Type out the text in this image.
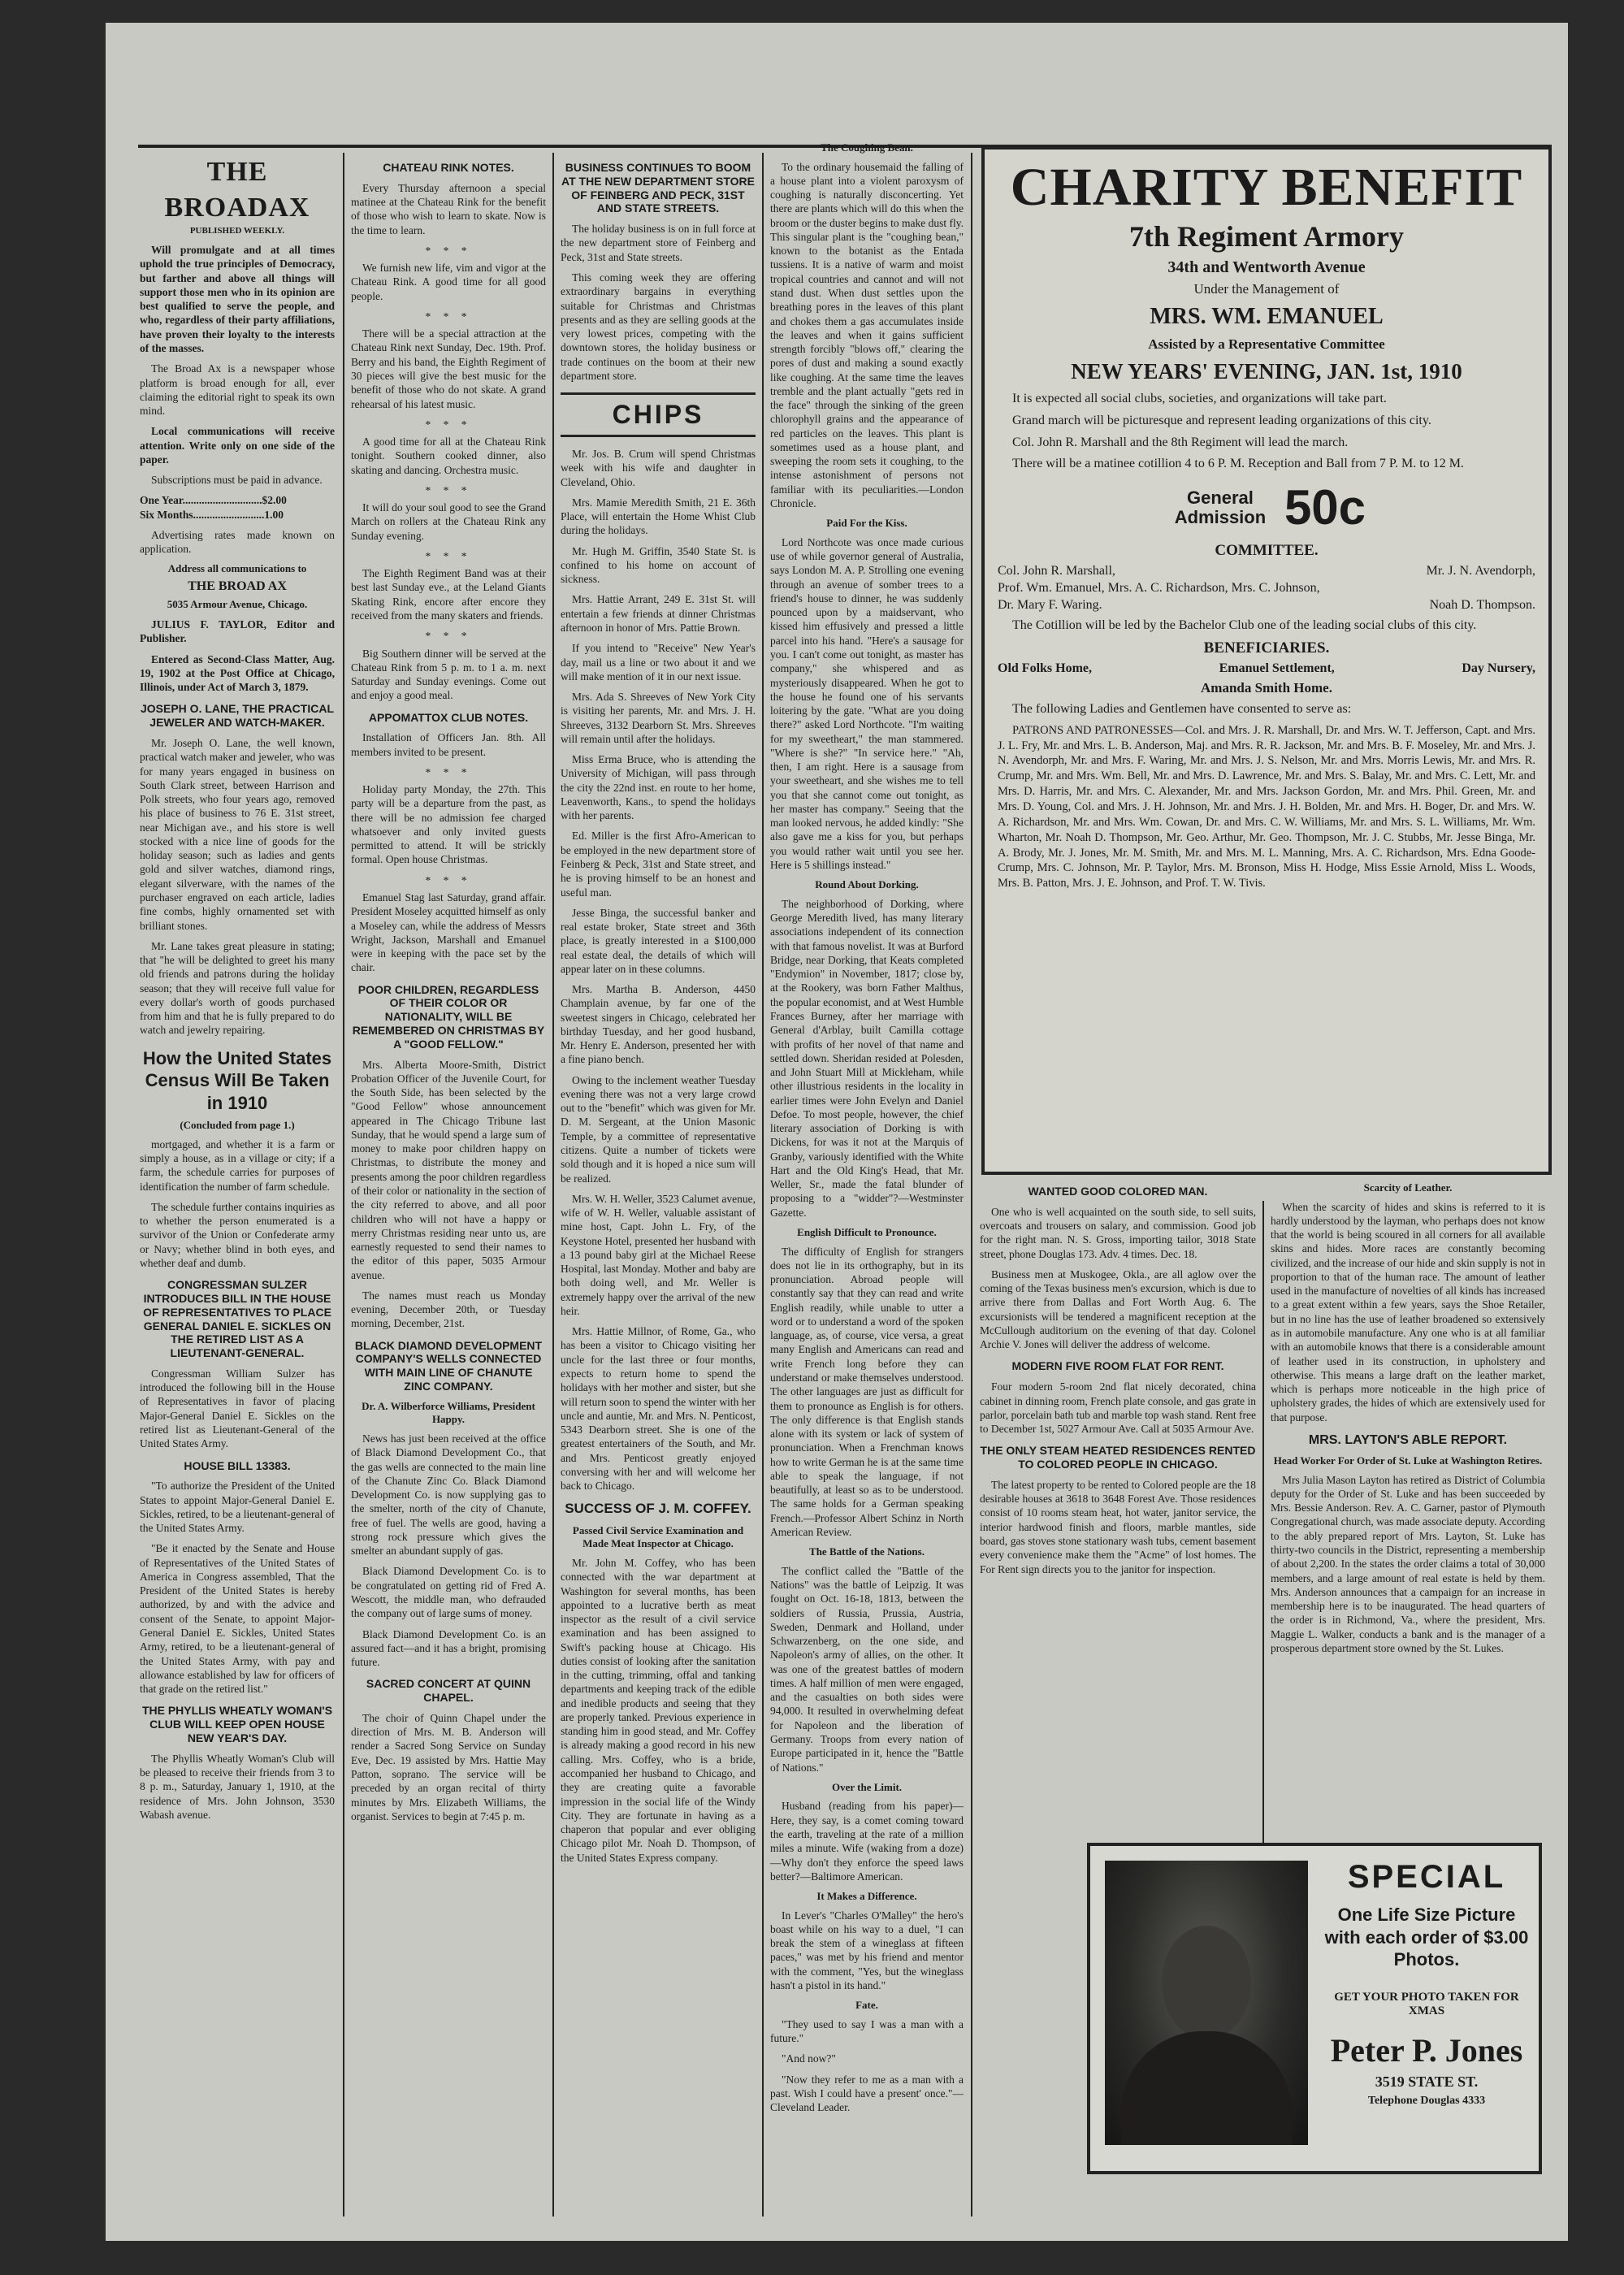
THE BROADAX
PUBLISHED WEEKLY.

Will promulgate and at all times uphold the true principles of Democracy, but farther and above all things will support those men who in its opinion are best qualified to serve the people, and who, regardless of their party affiliations, have proven their loyalty to the interests of the masses.

The Broad Ax is a newspaper whose platform is broad enough for all, ever claiming the editorial right to speak its own mind.

Local communications will receive attention. Write only on one side of the paper.

Subscriptions must be paid in advance.

One Year.............................$2.00
Six Months..........................1.00

Advertising rates made known on application.

Address all communications to
THE BROAD AX
5035 Armour Avenue, Chicago.

JULIUS F. TAYLOR, Editor and Publisher.

Entered as Second-Class Matter, Aug. 19, 1902 at the Post Office at Chicago, Illinois, under Act of March 3, 1879.

JOSEPH O. LANE, THE PRACTICAL JEWELER AND WATCH-MAKER.

Mr. Joseph O. Lane, the well known, practical watch maker and jeweler, who was for many years engaged in business on South Clark street, between Harrison and Polk streets, who four years ago, removed his place of business to 76 E. 31st street, near Michigan ave., and his store is well stocked with a nice line of goods for the holiday season; such as ladies and gents gold and silver watches, diamond rings, elegant silverware, with the names of the purchaser engraved on each article, ladies fine combs, highly ornamented set with brilliant stones.

Mr. Lane takes great pleasure in stating; that "he will be delighted to greet his many old friends and patrons during the holiday season; that they will receive full value for every dollar's worth of goods purchased from him and that he is fully prepared to do watch and jewelry repairing.

How the United States Census Will Be Taken in 1910
(Concluded from page 1.)

mortgaged, and whether it is a farm or simply a house, as in a village or city; if a farm, the schedule carries for purposes of identification the number of farm schedule.

The schedule further contains inquiries as to whether the person enumerated is a survivor of the Union or Confederate army or Navy; whether blind in both eyes, and whether deaf and dumb.

CONGRESSMAN SULZER INTRODUCES BILL IN THE HOUSE OF REPRESENTATIVES TO PLACE GENERAL DANIEL E. SICKLES ON THE RETIRED LIST AS A LIEUTENANT-GENERAL.

Congressman William Sulzer has introduced the following bill in the House of Representatives in favor of placing Major-General Daniel E. Sickles on the retired list as Lieutenant-General of the United States Army.

HOUSE BILL 13383.

"To authorize the President of the United States to appoint Major-General Daniel E. Sickles, retired, to be a lieutenant-general of the United States Army.

"Be it enacted by the Senate and House of Representatives of the United States of America in Congress assembled, That the President of the United States is hereby authorized, by and with the advice and consent of the Senate, to appoint Major-General Daniel E. Sickles, United States Army, retired, to be a lieutenant-general of the United States Army, with pay and allowance established by law for officers of that grade on the retired list."

THE PHYLLIS WHEATLY WOMAN'S CLUB WILL KEEP OPEN HOUSE NEW YEAR'S DAY.

The Phyllis Wheatly Woman's Club will be pleased to receive their friends from 3 to 8 p. m., Saturday, January 1, 1910, at the residence of Mrs. John Johnson, 3530 Wabash avenue.

CHATEAU RINK NOTES.

Every Thursday afternoon a special matinee at the Chateau Rink for the benefit of those who wish to learn to skate. Now is the time to learn.

* * *

We furnish new life, vim and vigor at the Chateau Rink. A good time for all good people.

* * *

There will be a special attraction at the Chateau Rink next Sunday, Dec. 19th. Prof. Berry and his band, the Eighth Regiment of 30 pieces will give the best music for the benefit of those who do not skate. A grand rehearsal of his latest music.

* * *

A good time for all at the Chateau Rink tonight. Southern cooked dinner, also skating and dancing. Orchestra music.

* * *

It will do your soul good to see the Grand March on rollers at the Chateau Rink any Sunday evening.

* * *

The Eighth Regiment Band was at their best last Sunday eve., at the Leland Giants Skating Rink, encore after encore they received from the many skaters and friends.

* * *

Big Southern dinner will be served at the Chateau Rink from 5 p. m. to 1 a. m. next Saturday and Sunday evenings. Come out and enjoy a good meal.

APPOMATTOX CLUB NOTES.

Installation of Officers Jan. 8th. All members invited to be present.

* * *

Holiday party Monday, the 27th. This party will be a departure from the past, as there will be no admission fee charged whatsoever and only invited guests permitted to attend. It will be strickly formal. Open house Christmas.

* * *

Emanuel Stag last Saturday, grand affair. President Moseley acquitted himself as only a Moseley can, while the address of Messrs Wright, Jackson, Marshall and Emanuel were in keeping with the pace set by the chair.

POOR CHILDREN, REGARDLESS OF THEIR COLOR OR NATIONALITY, WILL BE REMEMBERED ON CHRISTMAS BY A "GOOD FELLOW."

Mrs. Alberta Moore-Smith, District Probation Officer of the Juvenile Court, for the South Side, has been selected by the "Good Fellow" whose announcement appeared in The Chicago Tribune last Sunday, that he would spend a large sum of money to make poor children happy on Christmas, to distribute the money and presents among the poor children regardless of their color or nationality in the section of the city referred to above, and all poor children who will not have a happy or merry Christmas residing near unto us, are earnestly requested to send their names to the editor of this paper, 5035 Armour avenue.

The names must reach us Monday evening, December 20th, or Tuesday morning, December, 21st.

BLACK DIAMOND DEVELOPMENT COMPANY'S WELLS CONNECTED WITH MAIN LINE OF CHANUTE ZINC COMPANY.
Dr. A. Wilberforce Williams, President Happy.

News has just been received at the office of Black Diamond Development Co., that the gas wells are connected to the main line of the Chanute Zinc Co. Black Diamond Development Co. is now supplying gas to the smelter, north of the city of Chanute, free of fuel. The wells are good, having a strong rock pressure which gives the smelter an abundant supply of gas.

Black Diamond Development Co. is to be congratulated on getting rid of Fred A. Wescott, the middle man, who defrauded the company out of large sums of money.

Black Diamond Development Co. is an assured fact—and it has a bright, promising future.

SACRED CONCERT AT QUINN CHAPEL.

The choir of Quinn Chapel under the direction of Mrs. M. B. Anderson will render a Sacred Song Service on Sunday Eve, Dec. 19 assisted by Mrs. Hattie May Patton, soprano. The service will be preceded by an organ recital of thirty minutes by Mrs. Elizabeth Williams, the organist. Services to begin at 7:45 p. m.

BUSINESS CONTINUES TO BOOM AT THE NEW DEPARTMENT STORE OF FEINBERG AND PECK, 31ST AND STATE STREETS.

The holiday business is on in full force at the new department store of Feinberg and Peck, 31st and State streets.

This coming week they are offering extraordinary bargains in everything suitable for Christmas and Christmas presents and as they are selling goods at the very lowest prices, competing with the downtown stores, the holiday business or trade continues on the boom at their new department store.

CHIPS

Mr. Jos. B. Crum will spend Christmas week with his wife and daughter in Cleveland, Ohio.

Mrs. Mamie Meredith Smith, 21 E. 36th Place, will entertain the Home Whist Club during the holidays.

Mr. Hugh M. Griffin, 3540 State St. is confined to his home on account of sickness.

Mrs. Hattie Arrant, 249 E. 31st St. will entertain a few friends at dinner Christmas afternoon in honor of Mrs. Pattie Brown.

If you intend to "Receive" New Year's day, mail us a line or two about it and we will make mention of it in our next issue.

Mrs. Ada S. Shreeves of New York City is visiting her parents, Mr. and Mrs. J. H. Shreeves, 3132 Dearborn St. Mrs. Shreeves will remain until after the holidays.

Miss Erma Bruce, who is attending the University of Michigan, will pass through the city the 22nd inst. en route to her home, Leavenworth, Kans., to spend the holidays with her parents.

Ed. Miller is the first Afro-American to be employed in the new department store of Feinberg & Peck, 31st and State street, and he is proving himself to be an honest and useful man.

Jesse Binga, the successful banker and real estate broker, State street and 36th place, is greatly interested in a $100,000 real estate deal, the details of which will appear later on in these columns.

Mrs. Martha B. Anderson, 4450 Champlain avenue, by far one of the sweetest singers in Chicago, celebrated her birthday Tuesday, and her good husband, Mr. Henry E. Anderson, presented her with a fine piano bench.

Owing to the inclement weather Tuesday evening there was not a very large crowd out to the "benefit" which was given for Mr. D. M. Sergeant, at the Union Masonic Temple, by a committee of representative citizens. Quite a number of tickets were sold though and it is hoped a nice sum will be realized.

Mrs. W. H. Weller, 3523 Calumet avenue, wife of W. H. Weller, valuable assistant of mine host, Capt. John L. Fry, of the Keystone Hotel, presented her husband with a 13 pound baby girl at the Michael Reese Hospital, last Monday. Mother and baby are both doing well, and Mr. Weller is extremely happy over the arrival of the new heir.

Mrs. Hattie Millnor, of Rome, Ga., who has been a visitor to Chicago visiting her uncle for the last three or four months, expects to return home to spend the holidays with her mother and sister, but she will return soon to spend the winter with her uncle and auntie, Mr. and Mrs. N. Penticost, 5343 Dearborn street. She is one of the greatest entertainers of the South, and Mr. and Mrs. Penticost greatly enjoyed conversing with her and will welcome her back to Chicago.

SUCCESS OF J. M. COFFEY.
Passed Civil Service Examination and Made Meat Inspector at Chicago.

Mr. John M. Coffey, who has been connected with the war department at Washington for several months, has been appointed to a lucrative berth as meat inspector as the result of a civil service examination and has been assigned to Swift's packing house at Chicago. His duties consist of looking after the sanitation in the cutting, trimming, offal and tanking departments and keeping track of the edible and inedible products and seeing that they are properly tanked. Previous experience in standing him in good stead, and Mr. Coffey is already making a good record in his new calling. Mrs. Coffey, who is a bride, accompanied her husband to Chicago, and they are creating quite a favorable impression in the social life of the Windy City. They are fortunate in having as a chaperon that popular and ever obliging Chicago pilot Mr. Noah D. Thompson, of the United States Express company.

The Coughing Bean.

To the ordinary housemaid the falling of a house plant into a violent paroxysm of coughing is naturally disconcerting. Yet there are plants which will do this when the broom or the duster begins to make dust fly. This singular plant is the "coughing bean," known to the botanist as the Entada tussiens. It is a native of warm and moist tropical countries and cannot and will not stand dust. When dust settles upon the breathing pores in the leaves of this plant and chokes them a gas accumulates inside the leaves and when it gains sufficient strength forcibly "blows off," clearing the pores of dust and making a sound exactly like coughing. At the same time the leaves tremble and the plant actually "gets red in the face" through the sinking of the green chlorophyll grains and the appearance of red particles on the leaves. This plant is sometimes used as a house plant, and sweeping the room sets it coughing, to the intense astonishment of persons not familiar with its peculiarities.—London Chronicle.

Paid For the Kiss.

Lord Northcote was once made curious use of while governor general of Australia, says London M. A. P. Strolling one evening through an avenue of somber trees to a friend's house to dinner, he was suddenly pounced upon by a maidservant, who kissed him effusively and pressed a little parcel into his hand. "Here's a sausage for you. I can't come out tonight, as master has company," she whispered and as mysteriously disappeared. When he got to the house he found one of his servants loitering by the gate. "What are you doing there?" asked Lord Northcote. "I'm waiting for my sweetheart," the man stammered. "Where is she?" "In service here." "Ah, then, I am right. Here is a sausage from your sweetheart, and she wishes me to tell you that she cannot come out tonight, as her master has company." Seeing that the man looked nervous, he added kindly: "She also gave me a kiss for you, but perhaps you would rather wait until you see her. Here is 5 shillings instead."

Round About Dorking.

The neighborhood of Dorking, where George Meredith lived, has many literary associations independent of its connection with that famous novelist. It was at Burford Bridge, near Dorking, that Keats completed "Endymion" in November, 1817; close by, at the Rookery, was born Father Malthus, the popular economist, and at West Humble Frances Burney, after her marriage with General d'Arblay, built Camilla cottage with profits of her novel of that name and settled down. Sheridan resided at Polesden, and John Stuart Mill at Mickleham, while other illustrious residents in the locality in earlier times were John Evelyn and Daniel Defoe. To most people, however, the chief literary association of Dorking is with Dickens, for was it not at the Marquis of Granby, variously identified with the White Hart and the Old King's Head, that Mr. Weller, Sr., made the fatal blunder of proposing to a "widder"?—Westminster Gazette.

English Difficult to Pronounce.

The difficulty of English for strangers does not lie in its orthography, but in its pronunciation. Abroad people will constantly say that they can read and write English readily, while unable to utter a word or to understand a word of the spoken language, as, of course, vice versa, a great many English and Americans can read and write French long before they can understand or make themselves understood. The other languages are just as difficult for them to pronounce as English is for others. The only difference is that English stands alone with its system or lack of system of pronunciation. When a Frenchman knows how to write German he is at the same time able to speak the language, if not beautifully, at least so as to be understood. The same holds for a German speaking French.—Professor Albert Schinz in North American Review.

The Battle of the Nations.

The conflict called the "Battle of the Nations" was the battle of Leipzig. It was fought on Oct. 16-18, 1813, between the soldiers of Russia, Prussia, Austria, Sweden, Denmark and Holland, under Schwarzenberg, on the one side, and Napoleon's army of allies, on the other. It was one of the greatest battles of modern times. A half million of men were engaged, and the casualties on both sides were 94,000. It resulted in overwhelming defeat for Napoleon and the liberation of Germany. Troops from every nation of Europe participated in it, hence the "Battle of Nations."

Over the Limit.

Husband (reading from his paper)—Here, they say, is a comet coming toward the earth, traveling at the rate of a million miles a minute. Wife (waking from a doze)—Why don't they enforce the speed laws better?—Baltimore American.

It Makes a Difference.

In Lever's "Charles O'Malley" the hero's boast while on his way to a duel, "I can break the stem of a wineglass at fifteen paces," was met by his friend and mentor with the comment, "Yes, but the wineglass hasn't a pistol in its hand."

Fate.

"They used to say I was a man with a future."

"And now?"

"Now they refer to me as a man with a past. Wish I could have a present' once."—Cleveland Leader.

CHARITY BENEFIT
7th Regiment Armory
34th and Wentworth Avenue
Under the Management of
MRS. WM. EMANUEL
Assisted by a Representative Committee
NEW YEARS' EVENING, JAN. 1st, 1910
It is expected all social clubs, societies, and organizations will take part.
Grand march will be picturesque and represent leading organizations of this city.
Col. John R. Marshall and the 8th Regiment will lead the march.
There will be a matinee cotillion 4 to 6 P. M. Reception and Ball from 7 P. M. to 12 M.
General Admission 50c
COMMITTEE.
Col. John R. Marshall,	Mr. J. N. Avendorph,
Prof. Wm. Emanuel, Mrs. A. C. Richardson, Mrs. C. Johnson,
Dr. Mary F. Waring.	Noah D. Thompson.
The Cotillion will be led by the Bachelor Club one of the leading social clubs of this city.
BENEFICIARIES.
Old Folks Home,	Emanuel Settlement,	Day Nursery,
Amanda Smith Home.
The following Ladies and Gentlemen have consented to serve as:
PATRONS AND PATRONESSES—Col. and Mrs. J. R. Marshall, Dr. and Mrs. W. T. Jefferson, Capt. and Mrs. J. L. Fry, Mr. and Mrs. L. B. Anderson, Maj. and Mrs. R. R. Jackson, Mr. and Mrs. B. F. Moseley, Mr. and Mrs. J. N. Avendorph, Mr. and Mrs. F. Waring, Mr. and Mrs. J. S. Nelson, Mr. and Mrs. Morris Lewis, Mr. and Mrs. R. Crump, Mr. and Mrs. Wm. Bell, Mr. and Mrs. D. Lawrence, Mr. and Mrs. S. Balay, Mr. and Mrs. C. Lett, Mr. and Mrs. D. Harris, Mr. and Mrs. C. Alexander, Mr. and Mrs. Jackson Gordon, Mr. and Mrs. Phil. Green, Mr. and Mrs. D. Young, Col. and Mrs. J. H. Johnson, Mr. and Mrs. J. H. Bolden, Mr. and Mrs. H. Boger, Dr. and Mrs. W. A. Richardson, Mr. and Mrs. Wm. Cowan, Dr. and Mrs. C. W. Williams, Mr. and Mrs. S. L. Williams, Mr. Wm. Wharton, Mr. Noah D. Thompson, Mr. Geo. Arthur, Mr. Geo. Thompson, Mr. J. C. Stubbs, Mr. Jesse Binga, Mr. A. Brody, Mr. J. Jones, Mr. M. Smith, Mr. and Mrs. M. L. Manning, Mrs. A. C. Richardson, Mrs. Edna Goode-Crump, Mrs. C. Johnson, Mr. P. Taylor, Mrs. M. Bronson, Miss H. Hodge, Miss Essie Arnold, Miss L. Woods, Mrs. B. Patton, Mrs. J. E. Johnson, and Prof. T. W. Tivis.
WANTED GOOD COLORED MAN.

One who is well acquainted on the south side, to sell suits, overcoats and trousers on salary, and commission. Good job for the right man. N. S. Gross, importing tailor, 3018 State street, phone Douglas 173. Adv. 4 times. Dec. 18.

Business men at Muskogee, Okla., are all aglow over the coming of the Texas business men's excursion, which is due to arrive there from Dallas and Fort Worth Aug. 6. The excursionists will be tendered a magnificent reception at the McCullough auditorium on the evening of that day. Colonel Archie V. Jones will deliver the address of welcome.

MODERN FIVE ROOM FLAT FOR RENT.

Four modern 5-room 2nd flat nicely decorated, china cabinet in dinning room, French plate console, and gas grate in parlor, porcelain bath tub and marble top wash stand. Rent free to December 1st, 5027 Armour Ave. Call at 5035 Armour Ave.

THE ONLY STEAM HEATED RESIDENCES RENTED TO COLORED PEOPLE IN CHICAGO.

The latest property to be rented to Colored people are the 18 desirable houses at 3618 to 3648 Forest Ave. Those residences consist of 10 rooms steam heat, hot water, janitor service, the interior hardwood finish and floors, marble mantles, side board, gas stoves stone stationary wash tubs, cement basement every convenience make them the "Acme" of lost homes. The For Rent sign directs you to the janitor for inspection.

Scarcity of Leather.

When the scarcity of hides and skins is referred to it is hardly understood by the layman, who perhaps does not know that the world is being scoured in all corners for all available skins and hides. More races are constantly becoming civilized, and the increase of our hide and skin supply is not in proportion to that of the human race. The amount of leather used in the manufacture of novelties of all kinds has increased to a great extent within a few years, says the Shoe Retailer, but in no line has the use of leather broadened so extensively as in automobile manufacture. Any one who is at all familiar with an automobile knows that there is a considerable amount of leather used in its construction, in upholstery and otherwise. This means a large draft on the leather market, which is perhaps more noticeable in the high price of upholstery grades, the hides of which are extensively used for that purpose.

MRS. LAYTON'S ABLE REPORT.
Head Worker For Order of St. Luke at Washington Retires.

Mrs Julia Mason Layton has retired as District of Columbia deputy for the Order of St. Luke and has been succeeded by Mrs. Bessie Anderson. Rev. A. C. Garner, pastor of Plymouth Congregational church, was made associate deputy. According to the ably prepared report of Mrs. Layton, St. Luke has thirty-two councils in the District, representing a membership of about 2,200. In the states the order claims a total of 30,000 members, and a large amount of real estate is held by them. Mrs. Anderson announces that a campaign for an increase in membership here is to be inaugurated. The head quarters of the order is in Richmond, Va., where the president, Mrs. Maggie L. Walker, conducts a bank and is the manager of a prosperous department store owned by the St. Lukes.

SPECIAL
One Life Size Picture with each order of $3.00 Photos.
GET YOUR PHOTO TAKEN FOR XMAS
Peter P. Jones
3519 STATE ST.
Telephone Douglas 4333
